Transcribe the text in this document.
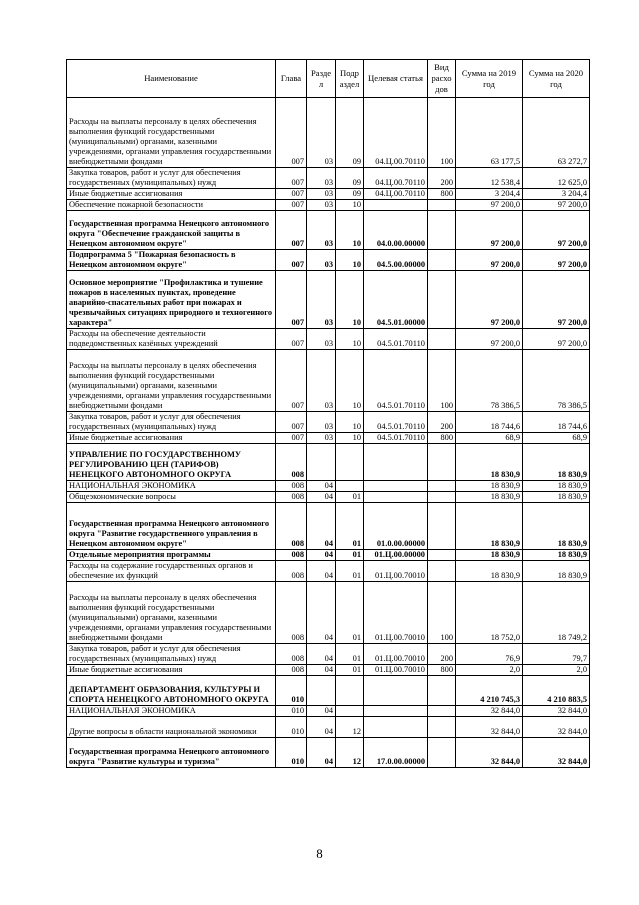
Наименование	Глава	Разде л	Подр аздел	Целевая статья	Вид расхо дов	Сумма на 2019 год	Сумма на 2020 год
Расходы на выплаты персоналу в целях обеспечения выполнения функций государственными (муниципальными) органами, казенными учреждениями, органами управления государственными внебюджетными фондами	007	03	09	04.Ц.00.70110	100	63 177,5	63 272,7
Закупка товаров, работ и услуг для обеспечения государственных (муниципальных) нужд	007	03	09	04.Ц.00.70110	200	12 538,4	12 625,0
Иные бюджетные ассигнования	007	03	09	04.Ц.00.70110	800	3 204,4	3 204,4
Обеспечение пожарной безопасности	007	03	10			97 200,0	97 200,0
Государственная программа Ненецкого автономного округа "Обеспечение гражданской защиты в Ненецком автономном округе"	007	03	10	04.0.00.00000		97 200,0	97 200,0
Подпрограмма 5 "Пожарная безопасность в Ненецком автономном округе"	007	03	10	04.5.00.00000		97 200,0	97 200,0
Основное мероприятие "Профилактика и тушение пожаров в населенных пунктах, проведение аварийно-спасательных работ при пожарах и чрезвычайных ситуациях природного и техногенного характера"	007	03	10	04.5.01.00000		97 200,0	97 200,0
Расходы на обеспечение деятельности подведомственных казённых учреждений	007	03	10	04.5.01.70110		97 200,0	97 200,0
Расходы на выплаты персоналу в целях обеспечения выполнения функций государственными (муниципальными) органами, казенными учреждениями, органами управления государственными внебюджетными фондами	007	03	10	04.5.01.70110	100	78 386,5	78 386,5
Закупка товаров, работ и услуг для обеспечения государственных (муниципальных) нужд	007	03	10	04.5.01.70110	200	18 744,6	18 744,6
Иные бюджетные ассигнования	007	03	10	04.5.01.70110	800	68,9	68,9
УПРАВЛЕНИЕ ПО ГОСУДАРСТВЕННОМУ РЕГУЛИРОВАНИЮ ЦЕН (ТАРИФОВ) НЕНЕЦКОГО АВТОНОМНОГО ОКРУГА	008					18 830,9	18 830,9
НАЦИОНАЛЬНАЯ ЭКОНОМИКА	008	04				18 830,9	18 830,9
Общеэкономические вопросы	008	04	01			18 830,9	18 830,9
Государственная программа Ненецкого автономного округа "Развитие государственного управления в Ненецком автономном округе"	008	04	01	01.0.00.00000		18 830,9	18 830,9
Отдельные мероприятия программы	008	04	01	01.Ц.00.00000		18 830,9	18 830,9
Расходы на содержание государственных органов и обеспечение их функций	008	04	01	01.Ц.00.70010		18 830,9	18 830,9
Расходы на выплаты персоналу в целях обеспечения выполнения функций государственными (муниципальными) органами, казенными учреждениями, органами управления государственными внебюджетными фондами	008	04	01	01.Ц.00.70010	100	18 752,0	18 749,2
Закупка товаров, работ и услуг для обеспечения государственных (муниципальных) нужд	008	04	01	01.Ц.00.70010	200	76,9	79,7
Иные бюджетные ассигнования	008	04	01	01.Ц.00.70010	800	2,0	2,0
ДЕПАРТАМЕНТ ОБРАЗОВАНИЯ, КУЛЬТУРЫ И СПОРТА НЕНЕЦКОГО АВТОНОМНОГО ОКРУГА	010					4 210 745,3	4 210 883,5
НАЦИОНАЛЬНАЯ ЭКОНОМИКА	010	04				32 844,0	32 844,0
Другие вопросы в области национальной экономики	010	04	12			32 844,0	32 844,0
Государственная программа Ненецкого автономного округа "Развитие культуры и туризма"	010	04	12	17.0.00.00000		32 844,0	32 844,0
8
